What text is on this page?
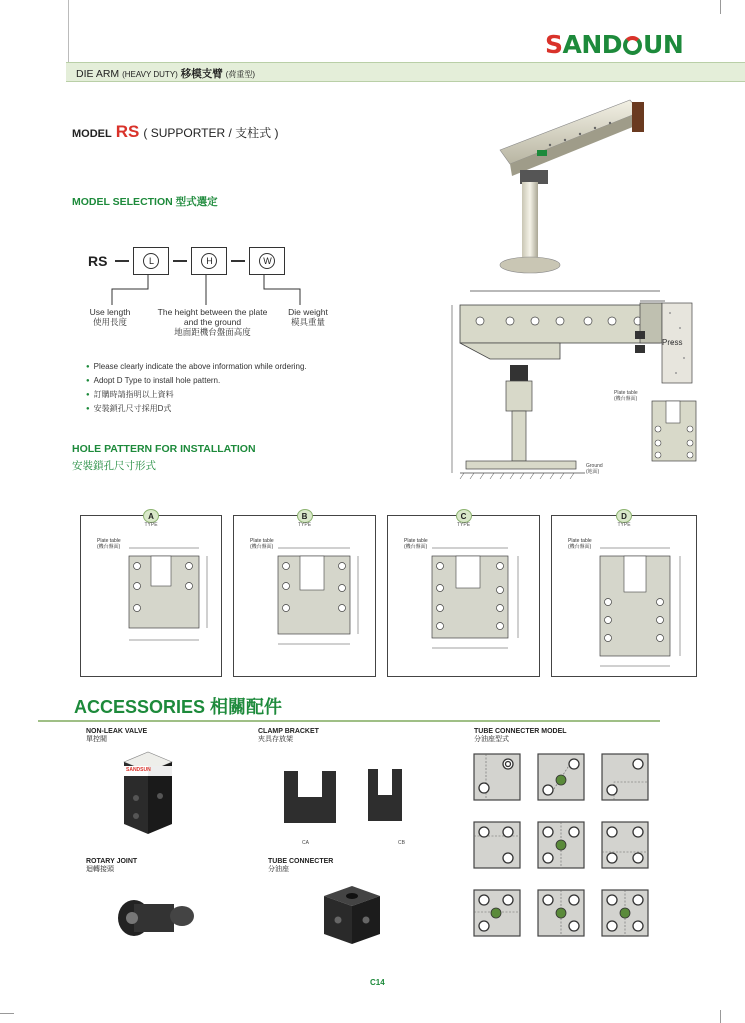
SAND UN
DIE ARM (HEAVY DUTY) 移模支臂 (荷重型)
MODEL RS ( SUPPORTER / 支柱式 )
MODEL SELECTION 型式選定
RS	L	H	W
Use length
使用長度
The height between the plate and the ground
地面距機台盤面高度
Die weight
模具重量
● Please clearly indicate the above information while ordering.
● Adopt D Type to install hole pattern.
● 訂購時請指明以上資料
● 安裝鎖孔尺寸採用D式
Press
Ground
(地面)
Plate table
(機台盤面)
HOLE PATTERN FOR INSTALLATION
安裝鎖孔尺寸形式
A
TYPE
Plate table
(機台盤面)
B
TYPE
Plate table
(機台盤面)
C
TYPE
Plate table
(機台盤面)
D
TYPE
Plate table
(機台盤面)
ACCESSORIES 相關配件
NON-LEAK VALVE
單控閥
SANDSUN
CLAMP BRACKET
夾具存放架
CA	CB
ROTARY JOINT
迴轉接頭
TUBE CONNECTER
分油座
TUBE CONNECTER MODEL
分油座型式
C14
